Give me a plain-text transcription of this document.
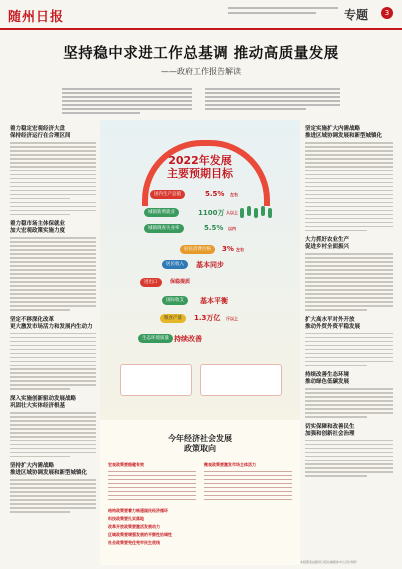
随州日报	专题	3
坚持稳中求进工作总基调 推动高质量发展
——政府工作报告解读
着力稳定宏观经济大盘
保持经济运行在合理区间
着力稳市场主体保就业
加大宏观政策实施力度
坚定不移深化改革
更大激发市场活力和发展内生动力
深入实施创新驱动发展战略
巩固壮大实体经济根基
坚持扩大内需战略
推进区域协调发展和新型城镇化
2022年发展
主要预期目标
国内生产总值	5.5% 左右
城镇新增就业	1100万 人以上
城镇调查失业率	5.5% 以内
居民消费价格	3% 左右
居民收入	基本同步
进出口	保稳提质
国际收支	基本平衡
粮食产量	1.3万亿 斤以上
生态环境质量 持续改善
今年经济社会发展
政策取向
宏观政策要稳健有效	微观政策要激发市场主体活力
结构政策要着力畅通国民经济循环
科技政策要扎实落地
改革开放政策要激活发展动力
区域政策要增强发展的平衡性协调性
社会政策要兜住兜牢民生底线
坚定实施扩大内需战略
推进区域协调发展和新型城镇化
大力抓好农业生产
促进乡村全面振兴
扩大高水平对外开放
推动外贸外资平稳发展
持续改善生态环境
推动绿色低碳发展
切实保障和改善民生
加强和创新社会治理
本版图表由随州日报社融媒体中心设计制作
